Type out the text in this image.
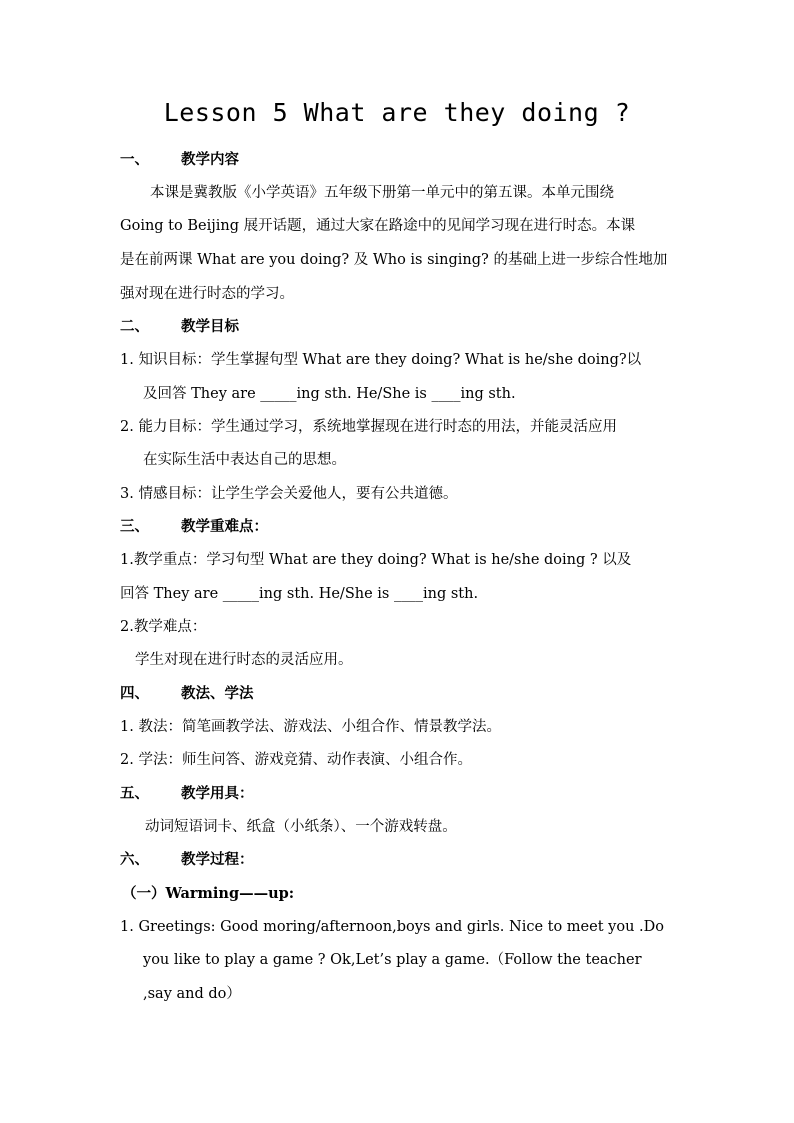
Lesson 5 What are they doing ?
一、 教学内容
本课是冀教版《小学英语》五年级下册第一单元中的第五课。本单元围绕
Going to Beijing 展开话题，通过大家在路途中的见闻学习现在进行时态。本课
是在前两课 What are you doing? 及 Who is singing? 的基础上进一步综合性地加
强对现在进行时态的学习。
二、 教学目标
1. 知识目标：学生掌握句型 What are they doing? What is he/she doing?以
及回答 They are _____ing sth. He/She is ____ing sth.
2. 能力目标：学生通过学习，系统地掌握现在进行时态的用法，并能灵活应用
在实际生活中表达自己的思想。
3. 情感目标：让学生学会关爱他人，要有公共道德。
三、 教学重难点：
1.教学重点：学习句型 What are they doing? What is he/she doing ? 以及
回答 They are _____ing sth. He/She is ____ing sth.
2.教学难点：
学生对现在进行时态的灵活应用。
四、 教法、学法
1. 教法：简笔画教学法、游戏法、小组合作、情景教学法。
2. 学法：师生问答、游戏竞猜、动作表演、小组合作。
五、 教学用具：
动词短语词卡、纸盒（小纸条）、一个游戏转盘。
六、 教学过程：
（一）Warming——up:
1. Greetings: Good moring/afternoon,boys and girls. Nice to meet you .Do
you like to play a game ? Ok,Let’s play a game.（Follow the teacher
,say and do）
